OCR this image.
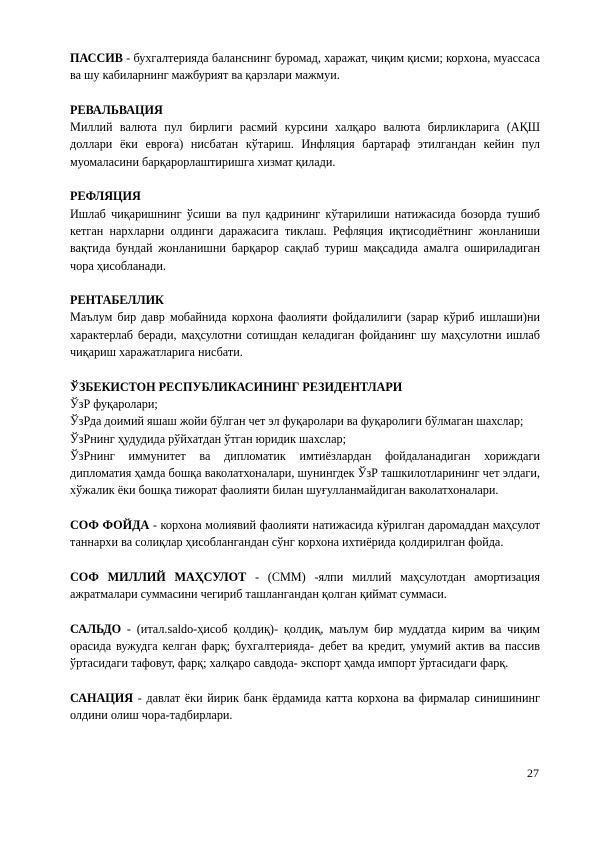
ПАССИВ - бухгалтерияда баланснинг буромад, харажат, чиқим қисми; корхона, муассаса ва шу кабиларнинг мажбурият ва қарзлари мажмуи.

РЕВАЛЬВАЦИЯ

Миллий валюта пул бирлиги расмий курсини халқаро валюта бирликларига (АҚШ доллари ёки евроға) нисбатан кўтариш. Инфляция бартараф этилгандан кейин пул муомаласини барқарорлаштиришга хизмат қилади.

РЕФЛЯЦИЯ

Ишлаб чиқаришнинг ўсиши ва пул қадрининг кўтарилиши натижасида бозорда тушиб кетган нархларни олдинги даражасига тиклаш. Рефляция иқтисодиётнинг жонланиши вақтида бундай жонланишни барқарор сақлаб туриш мақсадида амалга ошириладиган чора ҳисобланади.

РЕНТАБЕЛЛИК

Маълум бир давр мобайнида корхона фаолияти фойдалилиги (зарар кўриб ишлаши)ни характерлаб беради, маҳсулотни сотишдан келадиган фойданинг шу маҳсулотни ишлаб чиқариш харажатларига нисбати.

ЎЗБЕКИСТОН РЕСПУБЛИКАСИНИНГ РЕЗИДЕНТЛАРИ

ЎзР фуқаролари;

ЎзРда доимий яшаш жойи бўлган чет эл фуқаролари ва фуқаролиги бўлмаган шахслар;

ЎзРнинг ҳудудида рўйхатдан ўтган юридик шахслар;

ЎзРнинг иммунитет ва дипломатик имтиёзлардан фойдаланадиган хориждаги дипломатия ҳамда бошқа ваколатхоналари, шунингдек ЎзР ташкилотларининг чет элдаги, хўжалик ёки бошқа тижорат фаолияти билан шуғулланмайдиган ваколатхоналари.

СОФ ФОЙДА - корхона молиявий фаолияти натижасида кўрилган даромаддан маҳсулот таннархи ва солиқлар ҳисоблангандан сўнг корхона ихтиёрида қолдирилган фойда.

СОФ МИЛЛИЙ МАҲСУЛОТ - (СММ) -ялпи миллий маҳсулотдан амортизация ажратмалари суммасини чегириб ташлангандан қолган қиймат суммаси.

САЛЬДО - (итал.saldo-ҳисоб қолдиқ)- қолдиқ, маълум бир муддатда кирим ва чиқим орасида вужудга келган фарқ; бухгалтерияда- дебет ва кредит, умумий актив ва пассив ўртасидаги тафовут, фарқ; халқаро савдода- экспорт ҳамда импорт ўртасидаги фарқ.

САНАЦИЯ - давлат ёки йирик банк ёрдамида катта корхона ва фирмалар синишининг олдини олиш чора-тадбирлари.

27
